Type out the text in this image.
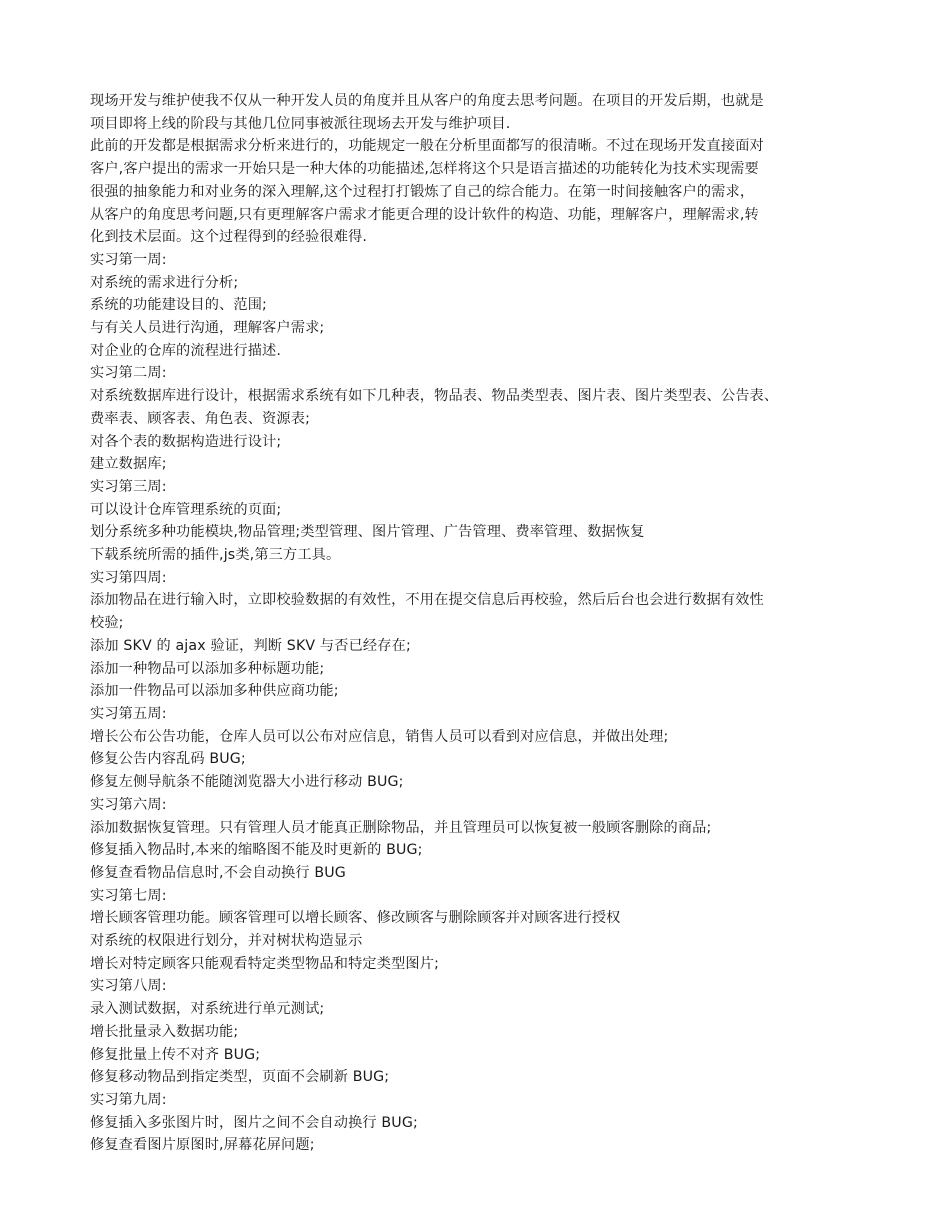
现场开发与维护使我不仅从一种开发人员的角度并且从客户的角度去思考问题。在项目的开发后期，也就是
项目即将上线的阶段与其他几位同事被派往现场去开发与维护项目.
此前的开发都是根据需求分析来进行的，功能规定一般在分析里面都写的很清晰。不过在现场开发直接面对
客户,客户提出的需求一开始只是一种大体的功能描述,怎样将这个只是语言描述的功能转化为技术实现需要
很强的抽象能力和对业务的深入理解,这个过程打打锻炼了自己的综合能力。在第一时间接触客户的需求，
从客户的角度思考问题,只有更理解客户需求才能更合理的设计软件的构造、功能，理解客户，理解需求,转
化到技术层面。这个过程得到的经验很难得.
实习第一周:
对系统的需求进行分析;
系统的功能建设目的、范围;
与有关人员进行沟通，理解客户需求;
对企业的仓库的流程进行描述.
实习第二周:
对系统数据库进行设计，根据需求系统有如下几种表，物品表、物品类型表、图片表、图片类型表、公告表、
费率表、顾客表、角色表、资源表;
对各个表的数据构造进行设计;
建立数据库;
实习第三周:
可以设计仓库管理系统的页面;
划分系统多种功能模块,物品管理;类型管理、图片管理、广告管理、费率管理、数据恢复
下载系统所需的插件,js类,第三方工具。
实习第四周:
添加物品在进行输入时，立即校验数据的有效性，不用在提交信息后再校验，然后后台也会进行数据有效性
校验;
添加 SKV 的 ajax 验证，判断 SKV 与否已经存在;
添加一种物品可以添加多种标题功能;
添加一件物品可以添加多种供应商功能;
实习第五周:
增长公布公告功能，仓库人员可以公布对应信息，销售人员可以看到对应信息，并做出处理;
修复公告内容乱码 BUG;
修复左侧导航条不能随浏览器大小进行移动 BUG;
实习第六周:
添加数据恢复管理。只有管理人员才能真正删除物品，并且管理员可以恢复被一般顾客删除的商品;
修复插入物品时,本来的缩略图不能及时更新的 BUG;
修复查看物品信息时,不会自动换行 BUG
实习第七周:
增长顾客管理功能。顾客管理可以增长顾客、修改顾客与删除顾客并对顾客进行授权
对系统的权限进行划分，并对树状构造显示
增长对特定顾客只能观看特定类型物品和特定类型图片;
实习第八周:
录入测试数据，对系统进行单元测试;
增长批量录入数据功能;
修复批量上传不对齐 BUG;
修复移动物品到指定类型，页面不会刷新 BUG;
实习第九周:
修复插入多张图片时，图片之间不会自动换行 BUG;
修复查看图片原图时,屏幕花屏问题;
